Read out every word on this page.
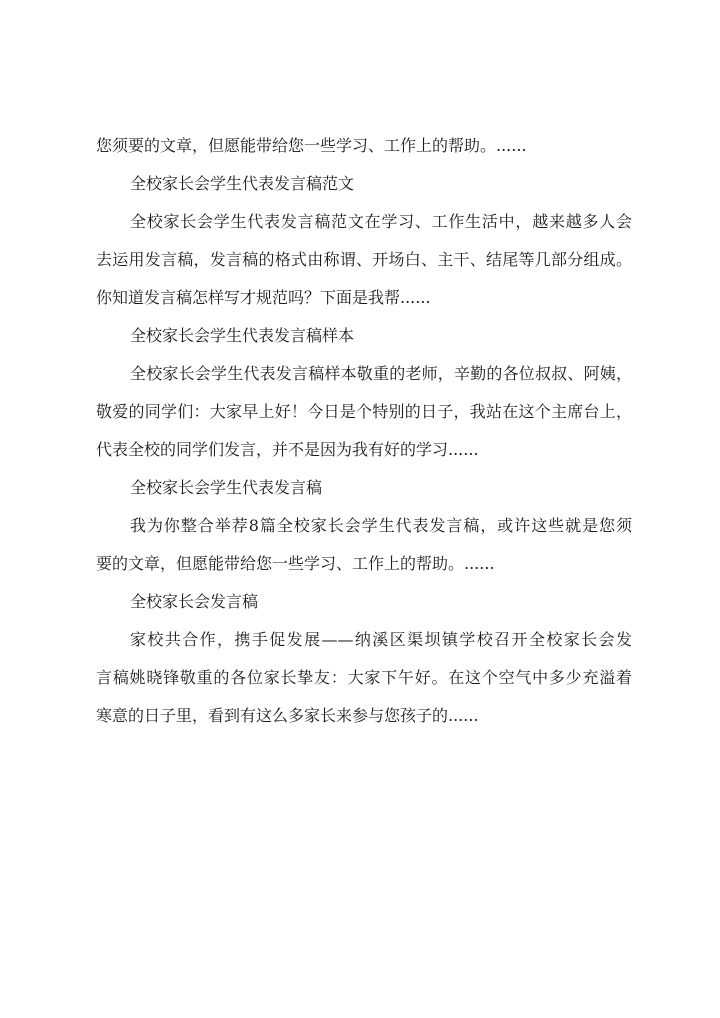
您须要的文章，但愿能带给您一些学习、工作上的帮助。......
全校家长会学生代表发言稿范文
全校家长会学生代表发言稿范文在学习、工作生活中，越来越多人会
去运用发言稿，发言稿的格式由称谓、开场白、主干、结尾等几部分组成。
你知道发言稿怎样写才规范吗？下面是我帮......
全校家长会学生代表发言稿样本
全校家长会学生代表发言稿样本敬重的老师，辛勤的各位叔叔、阿姨，
敬爱的同学们：大家早上好！今日是个特别的日子，我站在这个主席台上，
代表全校的同学们发言，并不是因为我有好的学习......
全校家长会学生代表发言稿
我为你整合举荐8篇全校家长会学生代表发言稿，或许这些就是您须
要的文章，但愿能带给您一些学习、工作上的帮助。......
全校家长会发言稿
家校共合作，携手促发展——纳溪区渠坝镇学校召开全校家长会发
言稿姚晓锋敬重的各位家长挚友：大家下午好。在这个空气中多少充溢着
寒意的日子里，看到有这么多家长来参与您孩子的......
